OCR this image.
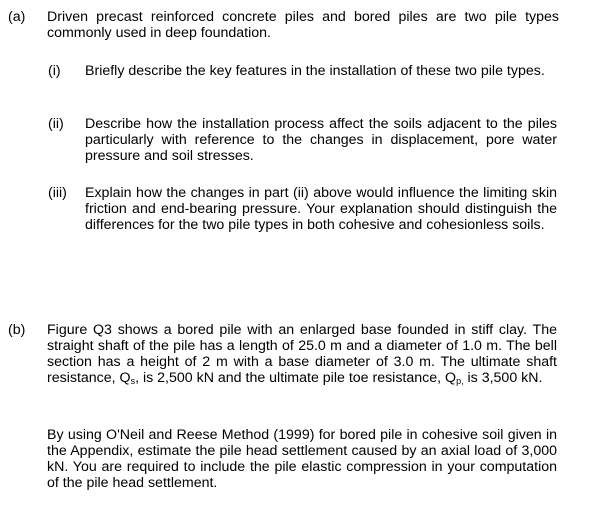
(a) Driven precast reinforced concrete piles and bored piles are two pile types commonly used in deep foundation.
(i) Briefly describe the key features in the installation of these two pile types.
(ii) Describe how the installation process affect the soils adjacent to the piles particularly with reference to the changes in displacement, pore water pressure and soil stresses.
(iii) Explain how the changes in part (ii) above would influence the limiting skin friction and end-bearing pressure. Your explanation should distinguish the differences for the two pile types in both cohesive and cohesionless soils.
(b) Figure Q3 shows a bored pile with an enlarged base founded in stiff clay. The straight shaft of the pile has a length of 25.0 m and a diameter of 1.0 m. The bell section has a height of 2 m with a base diameter of 3.0 m. The ultimate shaft resistance, $Q_s$, is 2,500 kN and the ultimate pile toe resistance, $Q_{p,}$ is 3,500 kN.
By using O'Neil and Reese Method (1999) for bored pile in cohesive soil given in the Appendix, estimate the pile head settlement caused by an axial load of 3,000 kN. You are required to include the pile elastic compression in your computation of the pile head settlement.
